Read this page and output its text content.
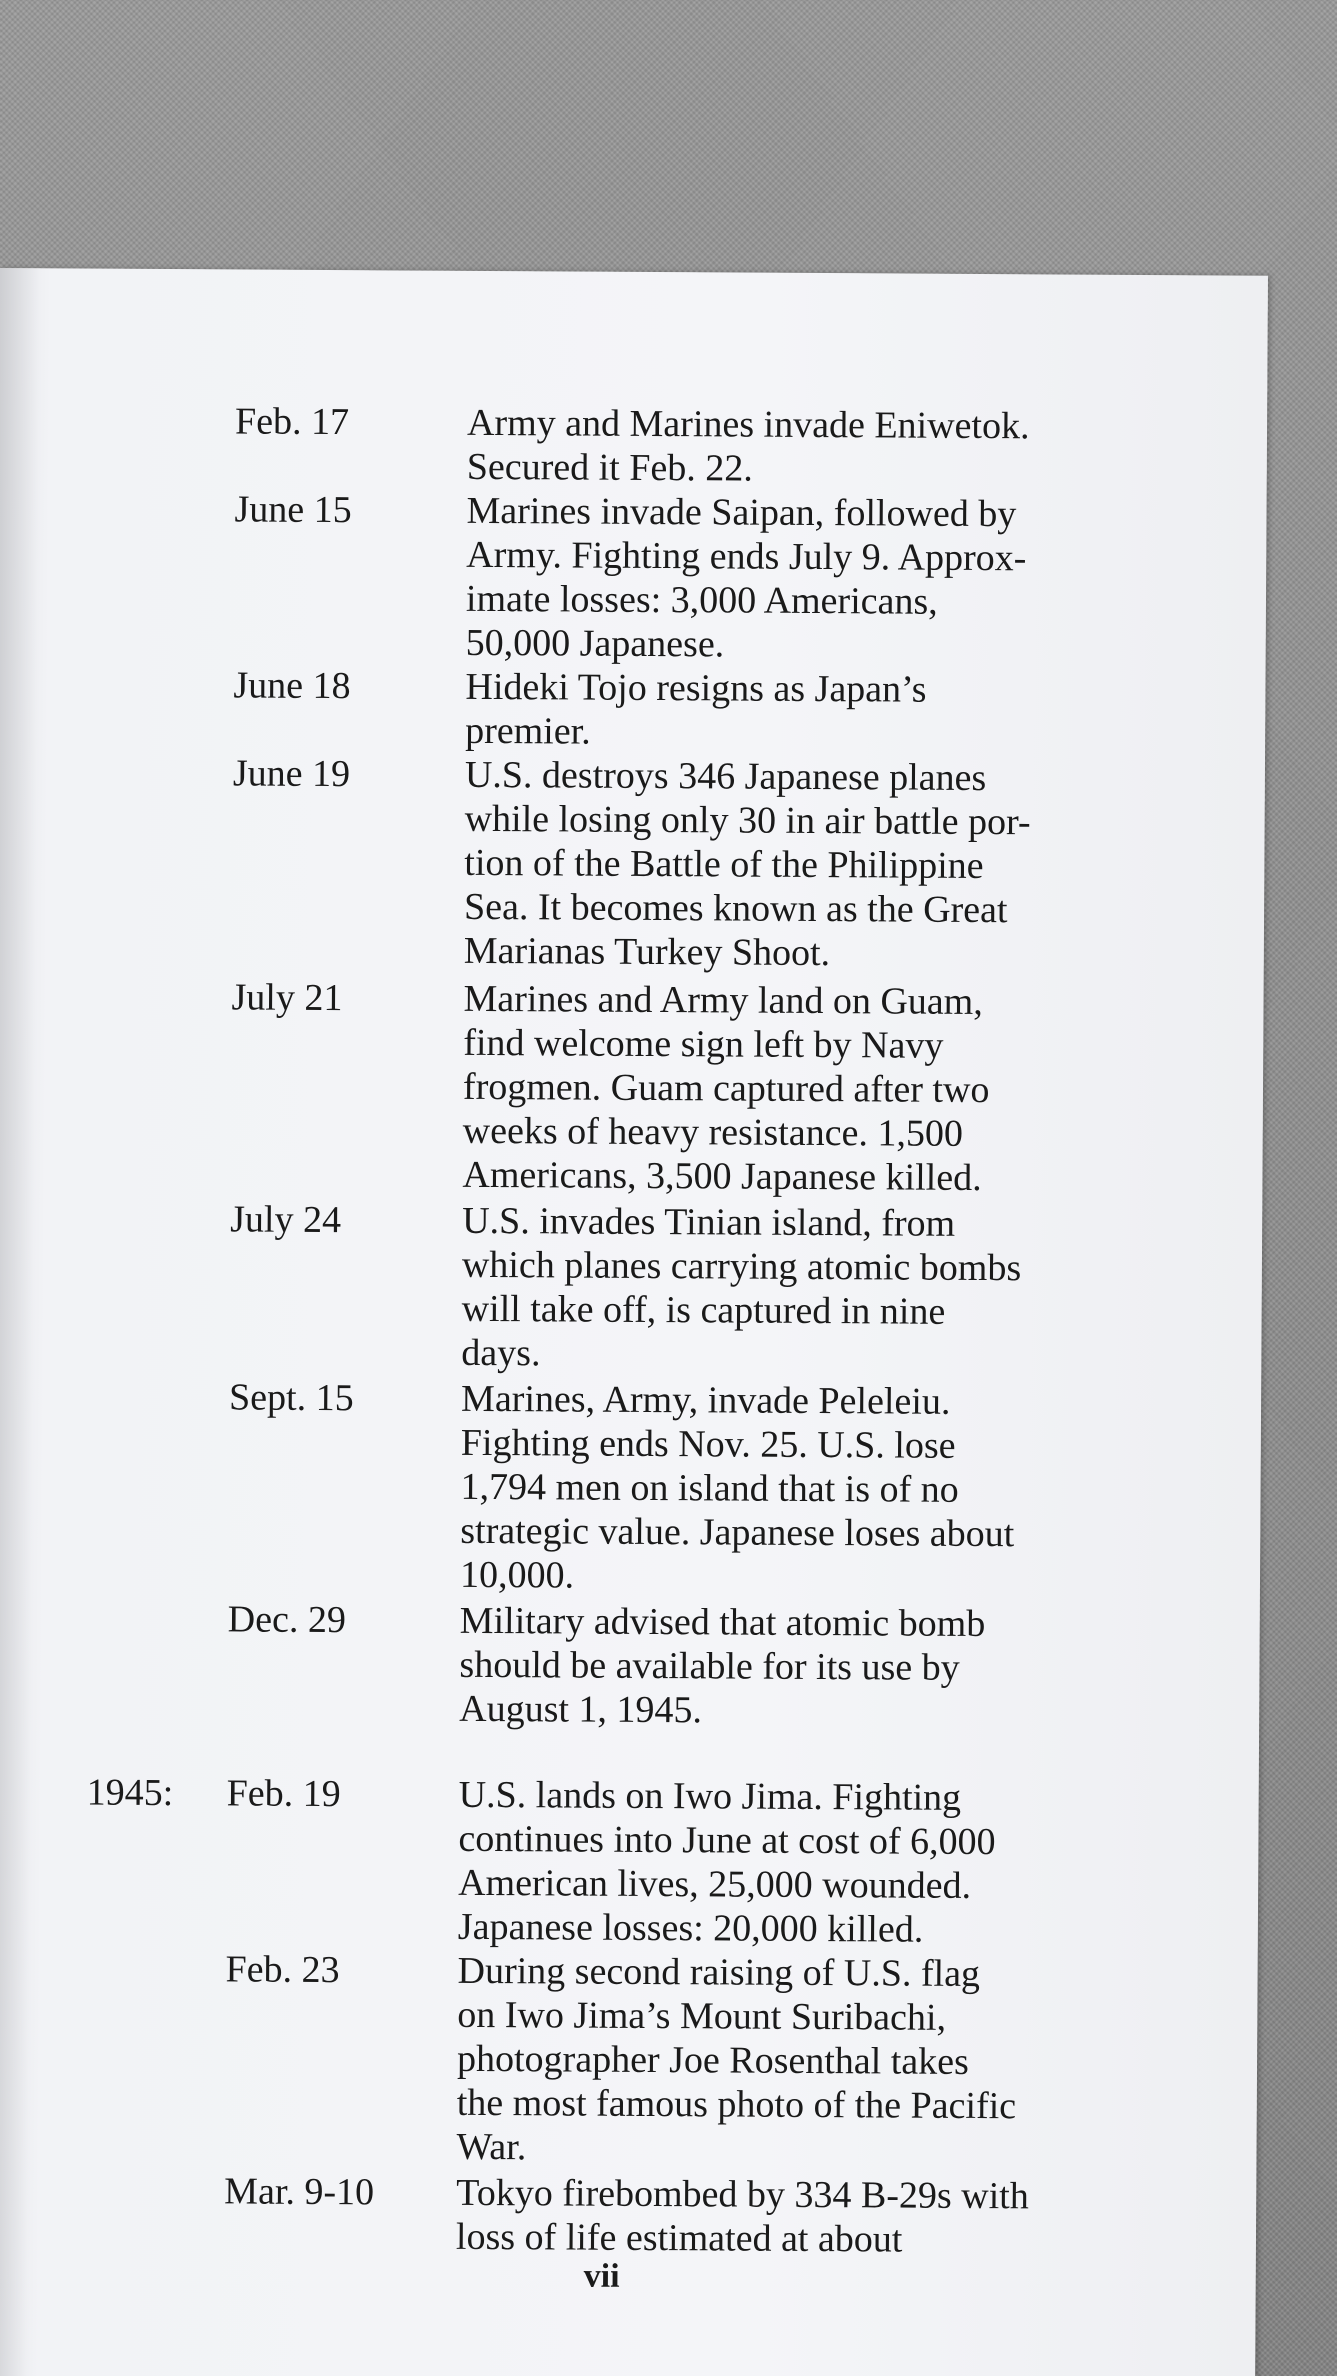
Feb. 17	Army and Marines invade Eniwetok.
Secured it Feb. 22.
June 15	Marines invade Saipan, followed by
Army. Fighting ends July 9. Approx-
imate losses: 3,000 Americans,
50,000 Japanese.
June 18	Hideki Tojo resigns as Japan’s
premier.
June 19	U.S. destroys 346 Japanese planes
while losing only 30 in air battle por-
tion of the Battle of the Philippine
Sea. It becomes known as the Great
Marianas Turkey Shoot.
July 21	Marines and Army land on Guam,
find welcome sign left by Navy
frogmen. Guam captured after two
weeks of heavy resistance. 1,500
Americans, 3,500 Japanese killed.
July 24	U.S. invades Tinian island, from
which planes carrying atomic bombs
will take off, is captured in nine
days.
Sept. 15	Marines, Army, invade Peleleiu.
Fighting ends Nov. 25. U.S. lose
1,794 men on island that is of no
strategic value. Japanese loses about
10,000.
Dec. 29	Military advised that atomic bomb
should be available for its use by
August 1, 1945.
1945: Feb. 19	U.S. lands on Iwo Jima. Fighting
continues into June at cost of 6,000
American lives, 25,000 wounded.
Japanese losses: 20,000 killed.
Feb. 23	During second raising of U.S. flag
on Iwo Jima’s Mount Suribachi,
photographer Joe Rosenthal takes
the most famous photo of the Pacific
War.
Mar. 9-10 Tokyo firebombed by 334 B-29s with
loss of life estimated at about
vii
